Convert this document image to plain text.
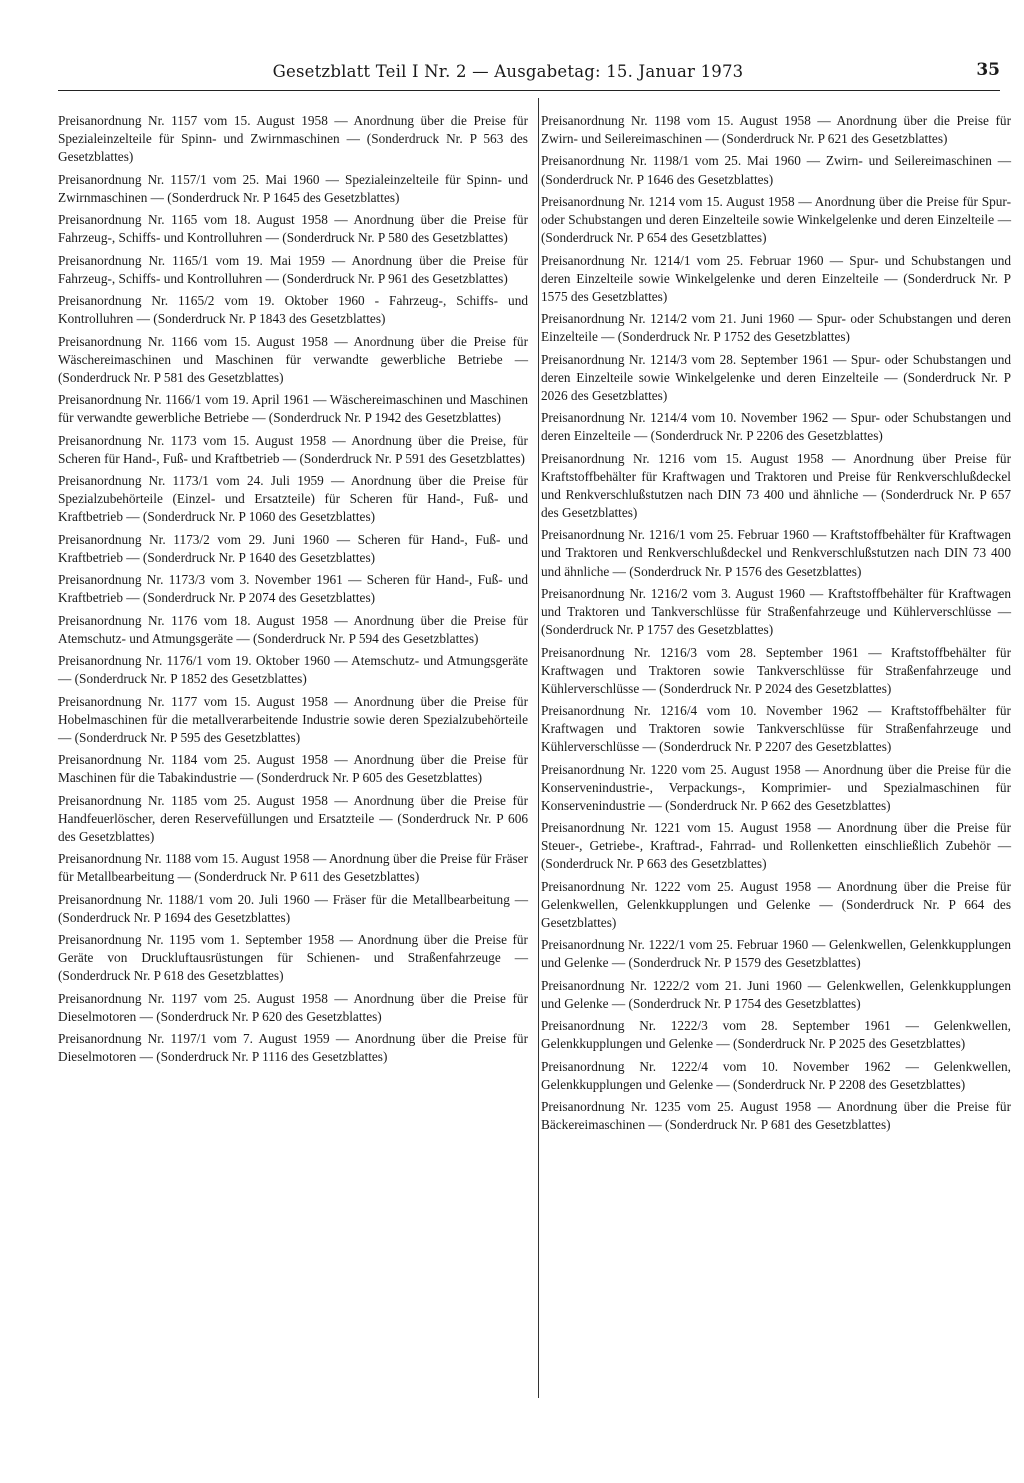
Gesetzblatt Teil I Nr. 2 — Ausgabetag: 15. Januar 1973	35

Preisanordnung Nr. 1157 vom 15. August 1958 — Anordnung über die Preise für Spezialeinzelteile für Spinn- und Zwirnmaschinen — (Sonderdruck Nr. P 563 des Gesetzblattes)

Preisanordnung Nr. 1157/1 vom 25. Mai 1960 — Spezialeinzelteile für Spinn- und Zwirnmaschinen — (Sonderdruck Nr. P 1645 des Gesetzblattes)

Preisanordnung Nr. 1165 vom 18. August 1958 — Anordnung über die Preise für Fahrzeug-, Schiffs- und Kontrolluhren — (Sonderdruck Nr. P 580 des Gesetzblattes)

Preisanordnung Nr. 1165/1 vom 19. Mai 1959 — Anordnung über die Preise für Fahrzeug-, Schiffs- und Kontrolluhren — (Sonderdruck Nr. P 961 des Gesetzblattes)

Preisanordnung Nr. 1165/2 vom 19. Oktober 1960 - Fahrzeug-, Schiffs- und Kontrolluhren — (Sonderdruck Nr. P 1843 des Gesetzblattes)

Preisanordnung Nr. 1166 vom 15. August 1958 — Anordnung über die Preise für Wäschereimaschinen und Maschinen für verwandte gewerbliche Betriebe — (Sonderdruck Nr. P 581 des Gesetzblattes)

Preisanordnung Nr. 1166/1 vom 19. April 1961 — Wäschereimaschinen und Maschinen für verwandte gewerbliche Betriebe — (Sonderdruck Nr. P 1942 des Gesetzblattes)

Preisanordnung Nr. 1173 vom 15. August 1958 — Anordnung über die Preise, für Scheren für Hand-, Fuß- und Kraftbetrieb — (Sonderdruck Nr. P 591 des Gesetzblattes)

Preisanordnung Nr. 1173/1 vom 24. Juli 1959 — Anordnung über die Preise für Spezialzubehörteile (Einzel- und Ersatzteile) für Scheren für Hand-, Fuß- und Kraftbetrieb — (Sonderdruck Nr. P 1060 des Gesetzblattes)

Preisanordnung Nr. 1173/2 vom 29. Juni 1960 — Scheren für Hand-, Fuß- und Kraftbetrieb — (Sonderdruck Nr. P 1640 des Gesetzblattes)

Preisanordnung Nr. 1173/3 vom 3. November 1961 — Scheren für Hand-, Fuß- und Kraftbetrieb — (Sonderdruck Nr. P 2074 des Gesetzblattes)

Preisanordnung Nr. 1176 vom 18. August 1958 — Anordnung über die Preise für Atemschutz- und Atmungsgeräte — (Sonderdruck Nr. P 594 des Gesetzblattes)

Preisanordnung Nr. 1176/1 vom 19. Oktober 1960 — Atemschutz- und Atmungsgeräte — (Sonderdruck Nr. P 1852 des Gesetzblattes)

Preisanordnung Nr. 1177 vom 15. August 1958 — Anordnung über die Preise für Hobelmaschinen für die metallverarbeitende Industrie sowie deren Spezialzubehörteile — (Sonderdruck Nr. P 595 des Gesetzblattes)

Preisanordnung Nr. 1184 vom 25. August 1958 — Anordnung über die Preise für Maschinen für die Tabakindustrie — (Sonderdruck Nr. P 605 des Gesetzblattes)

Preisanordnung Nr. 1185 vom 25. August 1958 — Anordnung über die Preise für Handfeuerlöscher, deren Reservefüllungen und Ersatzteile — (Sonderdruck Nr. P 606 des Gesetzblattes)

Preisanordnung Nr. 1188 vom 15. August 1958 — Anordnung über die Preise für Fräser für Metallbearbeitung — (Sonderdruck Nr. P 611 des Gesetzblattes)

Preisanordnung Nr. 1188/1 vom 20. Juli 1960 — Fräser für die Metallbearbeitung — (Sonderdruck Nr. P 1694 des Gesetzblattes)

Preisanordnung Nr. 1195 vom 1. September 1958 — Anordnung über die Preise für Geräte von Druckluftausrüstungen für Schienen- und Straßenfahrzeuge — (Sonderdruck Nr. P 618 des Gesetzblattes)

Preisanordnung Nr. 1197 vom 25. August 1958 — Anordnung über die Preise für Dieselmotoren — (Sonderdruck Nr. P 620 des Gesetzblattes)

Preisanordnung Nr. 1197/1 vom 7. August 1959 — Anordnung über die Preise für Dieselmotoren — (Sonderdruck Nr. P 1116 des Gesetzblattes)

Preisanordnung Nr. 1198 vom 15. August 1958 — Anordnung über die Preise für Zwirn- und Seilereimaschinen — (Sonderdruck Nr. P 621 des Gesetzblattes)

Preisanordnung Nr. 1198/1 vom 25. Mai 1960 — Zwirn- und Seilereimaschinen — (Sonderdruck Nr. P 1646 des Gesetzblattes)

Preisanordnung Nr. 1214 vom 15. August 1958 — Anordnung über die Preise für Spur- oder Schubstangen und deren Einzelteile sowie Winkelgelenke und deren Einzelteile — (Sonderdruck Nr. P 654 des Gesetzblattes)

Preisanordnung Nr. 1214/1 vom 25. Februar 1960 — Spur- und Schubstangen und deren Einzelteile sowie Winkelgelenke und deren Einzelteile — (Sonderdruck Nr. P 1575 des Gesetzblattes)

Preisanordnung Nr. 1214/2 vom 21. Juni 1960 — Spur- oder Schubstangen und deren Einzelteile — (Sonderdruck Nr. P 1752 des Gesetzblattes)

Preisanordnung Nr. 1214/3 vom 28. September 1961 — Spur- oder Schubstangen und deren Einzelteile sowie Winkelgelenke und deren Einzelteile — (Sonderdruck Nr. P 2026 des Gesetzblattes)

Preisanordnung Nr. 1214/4 vom 10. November 1962 — Spur- oder Schubstangen und deren Einzelteile — (Sonderdruck Nr. P 2206 des Gesetzblattes)

Preisanordnung Nr. 1216 vom 15. August 1958 — Anordnung über Preise für Kraftstoffbehälter für Kraftwagen und Traktoren und Preise für Renkverschlußdeckel und Renkverschlußstutzen nach DIN 73 400 und ähnliche — (Sonderdruck Nr. P 657 des Gesetzblattes)

Preisanordnung Nr. 1216/1 vom 25. Februar 1960 — Kraftstoffbehälter für Kraftwagen und Traktoren und Renkverschlußdeckel und Renkverschlußstutzen nach DIN 73 400 und ähnliche — (Sonderdruck Nr. P 1576 des Gesetzblattes)

Preisanordnung Nr. 1216/2 vom 3. August 1960 — Kraftstoffbehälter für Kraftwagen und Traktoren und Tankverschlüsse für Straßenfahrzeuge und Kühlerverschlüsse — (Sonderdruck Nr. P 1757 des Gesetzblattes)

Preisanordnung Nr. 1216/3 vom 28. September 1961 — Kraftstoffbehälter für Kraftwagen und Traktoren sowie Tankverschlüsse für Straßenfahrzeuge und Kühlerverschlüsse — (Sonderdruck Nr. P 2024 des Gesetzblattes)

Preisanordnung Nr. 1216/4 vom 10. November 1962 — Kraftstoffbehälter für Kraftwagen und Traktoren sowie Tankverschlüsse für Straßenfahrzeuge und Kühlerverschlüsse — (Sonderdruck Nr. P 2207 des Gesetzblattes)

Preisanordnung Nr. 1220 vom 25. August 1958 — Anordnung über die Preise für die Konservenindustrie-, Verpackungs-, Komprimier- und Spezialmaschinen für Konservenindustrie — (Sonderdruck Nr. P 662 des Gesetzblattes)

Preisanordnung Nr. 1221 vom 15. August 1958 — Anordnung über die Preise für Steuer-, Getriebe-, Kraftrad-, Fahrrad- und Rollenketten einschließlich Zubehör — (Sonderdruck Nr. P 663 des Gesetzblattes)

Preisanordnung Nr. 1222 vom 25. August 1958 — Anordnung über die Preise für Gelenkwellen, Gelenkkupplungen und Gelenke — (Sonderdruck Nr. P 664 des Gesetzblattes)

Preisanordnung Nr. 1222/1 vom 25. Februar 1960 — Gelenkwellen, Gelenkkupplungen und Gelenke — (Sonderdruck Nr. P 1579 des Gesetzblattes)

Preisanordnung Nr. 1222/2 vom 21. Juni 1960 — Gelenkwellen, Gelenkkupplungen und Gelenke — (Sonderdruck Nr. P 1754 des Gesetzblattes)

Preisanordnung Nr. 1222/3 vom 28. September 1961 — Gelenkwellen, Gelenkkupplungen und Gelenke — (Sonderdruck Nr. P 2025 des Gesetzblattes)

Preisanordnung Nr. 1222/4 vom 10. November 1962 — Gelenkwellen, Gelenkkupplungen und Gelenke — (Sonderdruck Nr. P 2208 des Gesetzblattes)

Preisanordnung Nr. 1235 vom 25. August 1958 — Anordnung über die Preise für Bäckereimaschinen — (Sonderdruck Nr. P 681 des Gesetzblattes)
